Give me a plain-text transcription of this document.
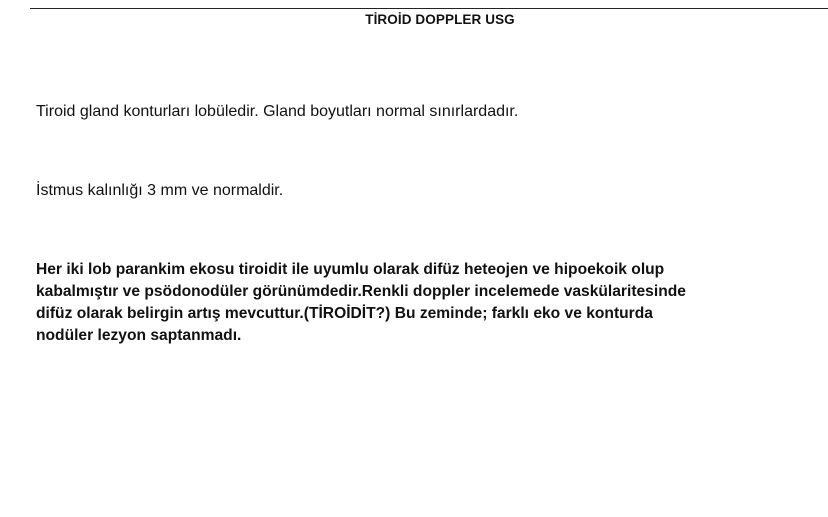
TİROİD DOPPLER USG

Tiroid gland konturları lobüledir. Gland boyutları normal sınırlardadır.

İstmus kalınlığı 3 mm ve normaldir.

Her iki lob parankim ekosu tiroidit ile uyumlu olarak difüz heteojen ve hipoekoik olup
kabalmıştır ve psödonodüler görünümdedir.Renkli doppler incelemede vaskülaritesinde
difüz olarak belirgin artış mevcuttur.(TİROİDİT?) Bu zeminde; farklı eko ve konturda
nodüler lezyon saptanmadı.
